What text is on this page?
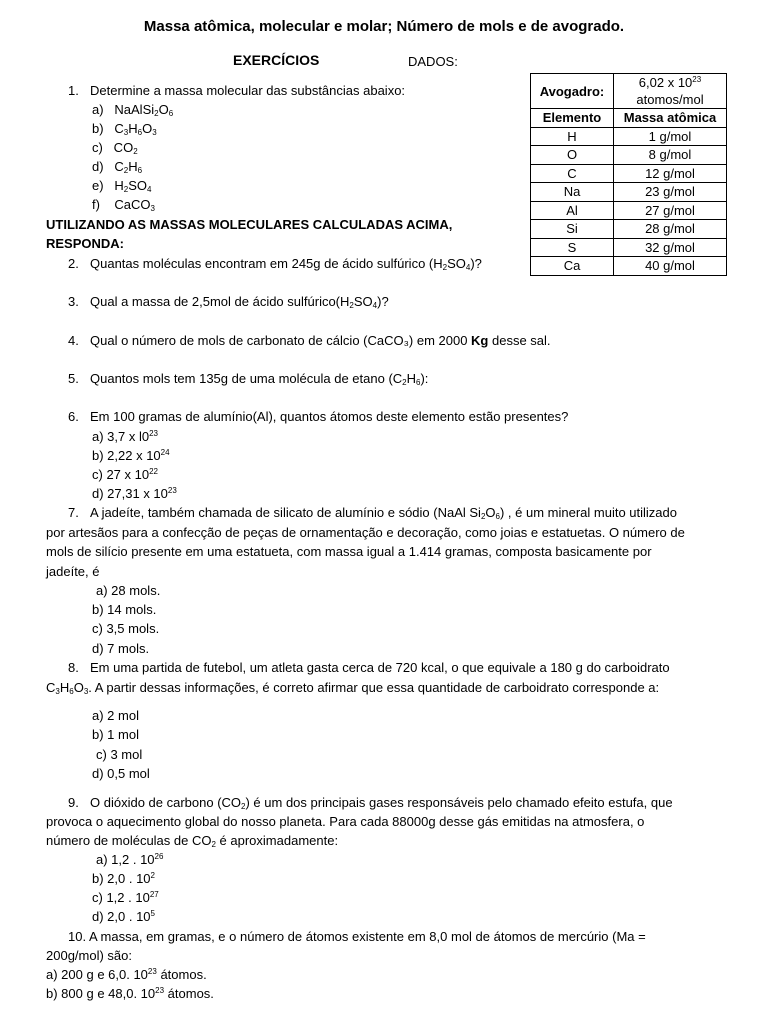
Massa atômica, molecular e molar; Número de mols e de avogrado.
EXERCÍCIOS	DADOS:
Avogadro:	6,02 x $10^{23}$
atomos/mol
Elemento	Massa atômica
H	1 g/mol
O	8 g/mol
C	12 g/mol
Na	23 g/mol
Al	27 g/mol
Si	28 g/mol
S	32 g/mol
Ca	40 g/mol
1. Determine a massa molecular das substâncias abaixo:
a)   $NaAlSi_2O_6$
b)   $C_3H_6O_3$
c)   $CO_2$
d)   $C_2H_6$
e)   $H_2SO_4$
f)    CaCO$_3$
UTILIZANDO AS MASSAS MOLECULARES CALCULADAS ACIMA,
RESPONDA:
2. Quantas moléculas encontram em 245g de ácido sulfúrico $(H_2SO_4)$?
3. Qual a massa de 2,5mol de ácido $sulfúrico(H_2SO_4)$?
4. Qual o número de mols de carbonato de cálcio (CaCO₃) em 2000 Kg desse sal.
5. Quantos mols tem 135g de uma molécula de etano $(C_2H_6)$:
6. Em 100 gramas de alumínio(Al), quantos átomos deste elemento estão presentes?
a) 3,7 x $l0^{23}$
b) 2,22 x $10^{24}$
c) 27 x $10^{22}$
d) 27,31 x $10^{23}$
7. A jadeíte, também chamada de silicato de alumínio e sódio (NaAl $Si_2O_6$) , é um mineral muito utilizado
por artesãos para a confecção de peças de ornamentação e decoração, como joias e estatuetas. O número de
mols de silício presente em uma estatueta, com massa igual a 1.414 gramas, composta basicamente por
jadeíte, é
a) 28 mols.
b) 14 mols.
c) 3,5 mols.
d) 7 mols.
8. Em uma partida de futebol, um atleta gasta cerca de 720 kcal, o que equivale a 180 g do carboidrato
$C_3H_6O_3$. A partir dessas informações, é correto afirmar que essa quantidade de carboidrato corresponde a:
a) 2 mol
b) 1 mol
c) 3 mol
d) 0,5 mol
9. O dióxido de carbono $(CO_2)$ é um dos principais gases responsáveis pelo chamado efeito estufa, que
provoca o aquecimento global do nosso planeta. Para cada 88000g desse gás emitidas na atmosfera, o
número de moléculas de $CO_2$ é aproximadamente:
a) 1,2 . $10^{26}$
b) 2,0 . $10^2$
c) 1,2 . $10^{27}$
d) 2,0 . $10^5$
10. A massa, em gramas, e o número de átomos existente em 8,0 mol de átomos de mercúrio (Ma =
200g/mol) são:
a) 200 g e 6,0. $10^{23}$ átomos.
b) 800 g e 48,0. $10^{23}$ átomos.
